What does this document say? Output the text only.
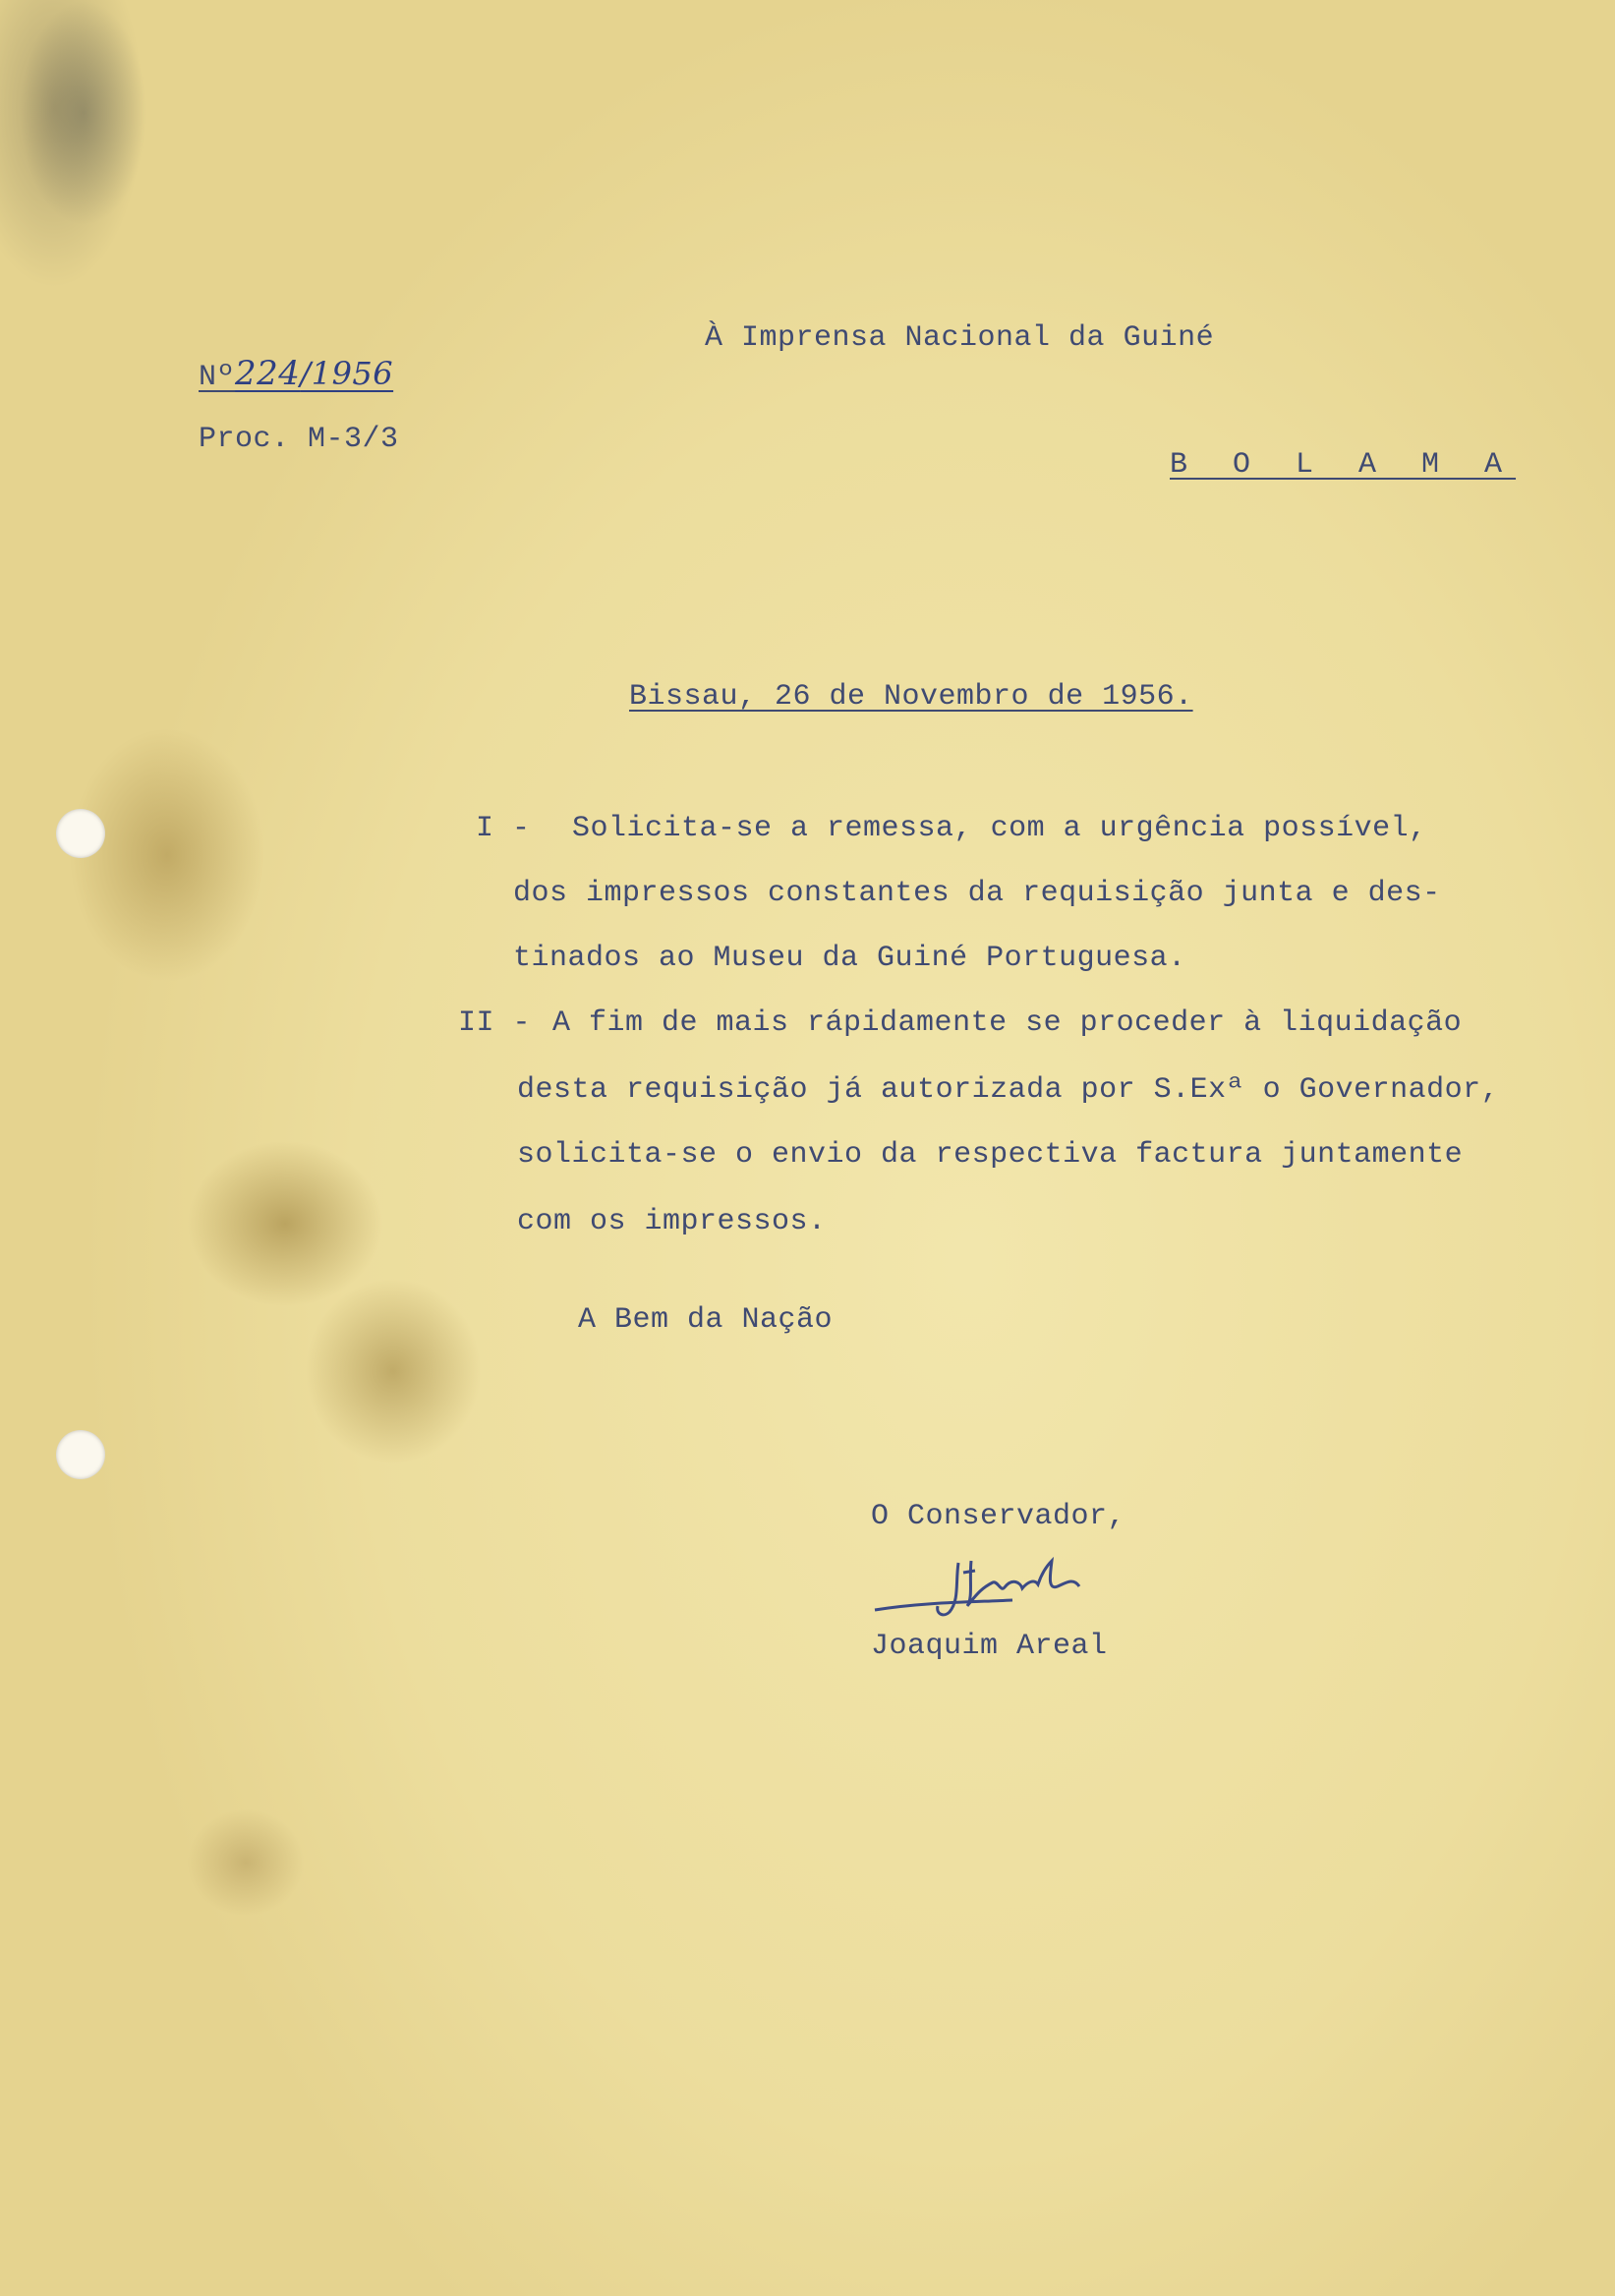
À Imprensa Nacional da Guiné
Nº224/1956
Proc. M-3/3
B O L A M A
Bissau, 26 de Novembro de 1956.
I - Solicita-se a remessa, com a urgência possível,
dos impressos constantes da requisição junta e des-
tinados ao Museu da Guiné Portuguesa.
II - A fim de mais rápidamente se proceder à liquidação
desta requisição já autorizada por S.Exª o Governador,
solicita-se o envio da respectiva factura juntamente
com os impressos.
A Bem da Nação
O Conservador,
Joaquim Areal
